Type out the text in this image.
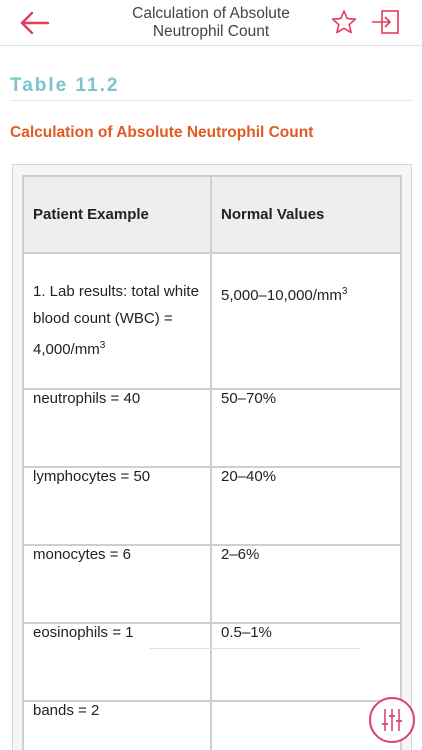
Calculation of Absolute
Neutrophil Count
Table 11.2
Calculation of Absolute Neutrophil Count
Patient Example	Normal Values
1. Lab results: total white blood count $(WBC) = 4,000/mm^3$	$5,000-10,000/mm^3$
neutrophils = 40	50–70%
lymphocytes = 50	20–40%
monocytes = 6	2–6%
eosinophils = 1	0.5–1%
bands = 2	
